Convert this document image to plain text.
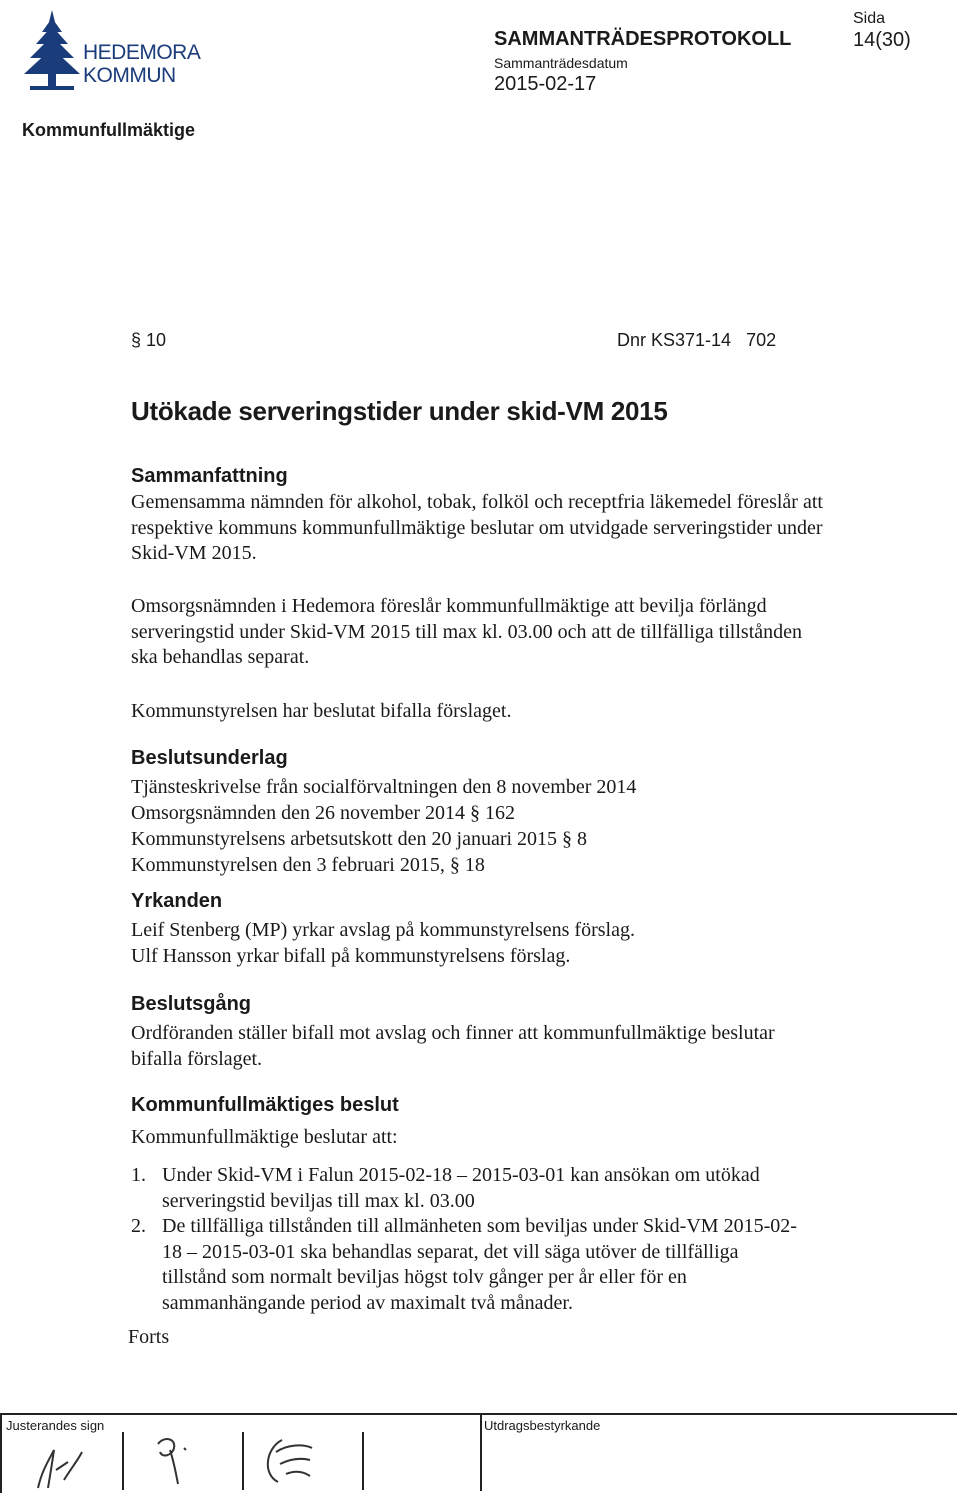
HEDEMORA
KOMMUN
SAMMANTRÄDESPROTOKOLL
Sammanträdesdatum
2015-02-17
Sida
14(30)
Kommunfullmäktige
§ 10	Dnr KS371-14   702
Utökade serveringstider under skid-VM 2015
Sammanfattning
Gemensamma nämnden för alkohol, tobak, folköl och receptfria läkemedel föreslår att respektive kommuns kommunfullmäktige beslutar om utvidgade serveringstider under Skid-VM 2015.
Omsorgsnämnden i Hedemora föreslår kommunfullmäktige att bevilja förlängd serveringstid under Skid-VM 2015 till max kl. 03.00 och att de tillfälliga tillstånden ska behandlas separat.
Kommunstyrelsen har beslutat bifalla förslaget.
Beslutsunderlag
Tjänsteskrivelse från socialförvaltningen den 8 november 2014
Omsorgsnämnden den 26 november 2014 § 162
Kommunstyrelsens arbetsutskott den 20 januari 2015 § 8
Kommunstyrelsen den 3 februari 2015, § 18
Yrkanden
Leif Stenberg (MP) yrkar avslag på kommunstyrelsens förslag.
Ulf Hansson yrkar bifall på kommunstyrelsens förslag.
Beslutsgång
Ordföranden ställer bifall mot avslag och finner att kommunfullmäktige beslutar bifalla förslaget.
Kommunfullmäktiges beslut
Kommunfullmäktige beslutar att:
1. Under Skid-VM i Falun 2015-02-18 – 2015-03-01 kan ansökan om utökad serveringstid beviljas till max kl. 03.00
2. De tillfälliga tillstånden till allmänheten som beviljas under Skid-VM 2015-02-18 – 2015-03-01 ska behandlas separat, det vill säga utöver de tillfälliga tillstånd som normalt beviljas högst tolv gånger per år eller för en sammanhängande period av maximalt två månader.
Forts
Justerandes sign	Utdragsbestyrkande
